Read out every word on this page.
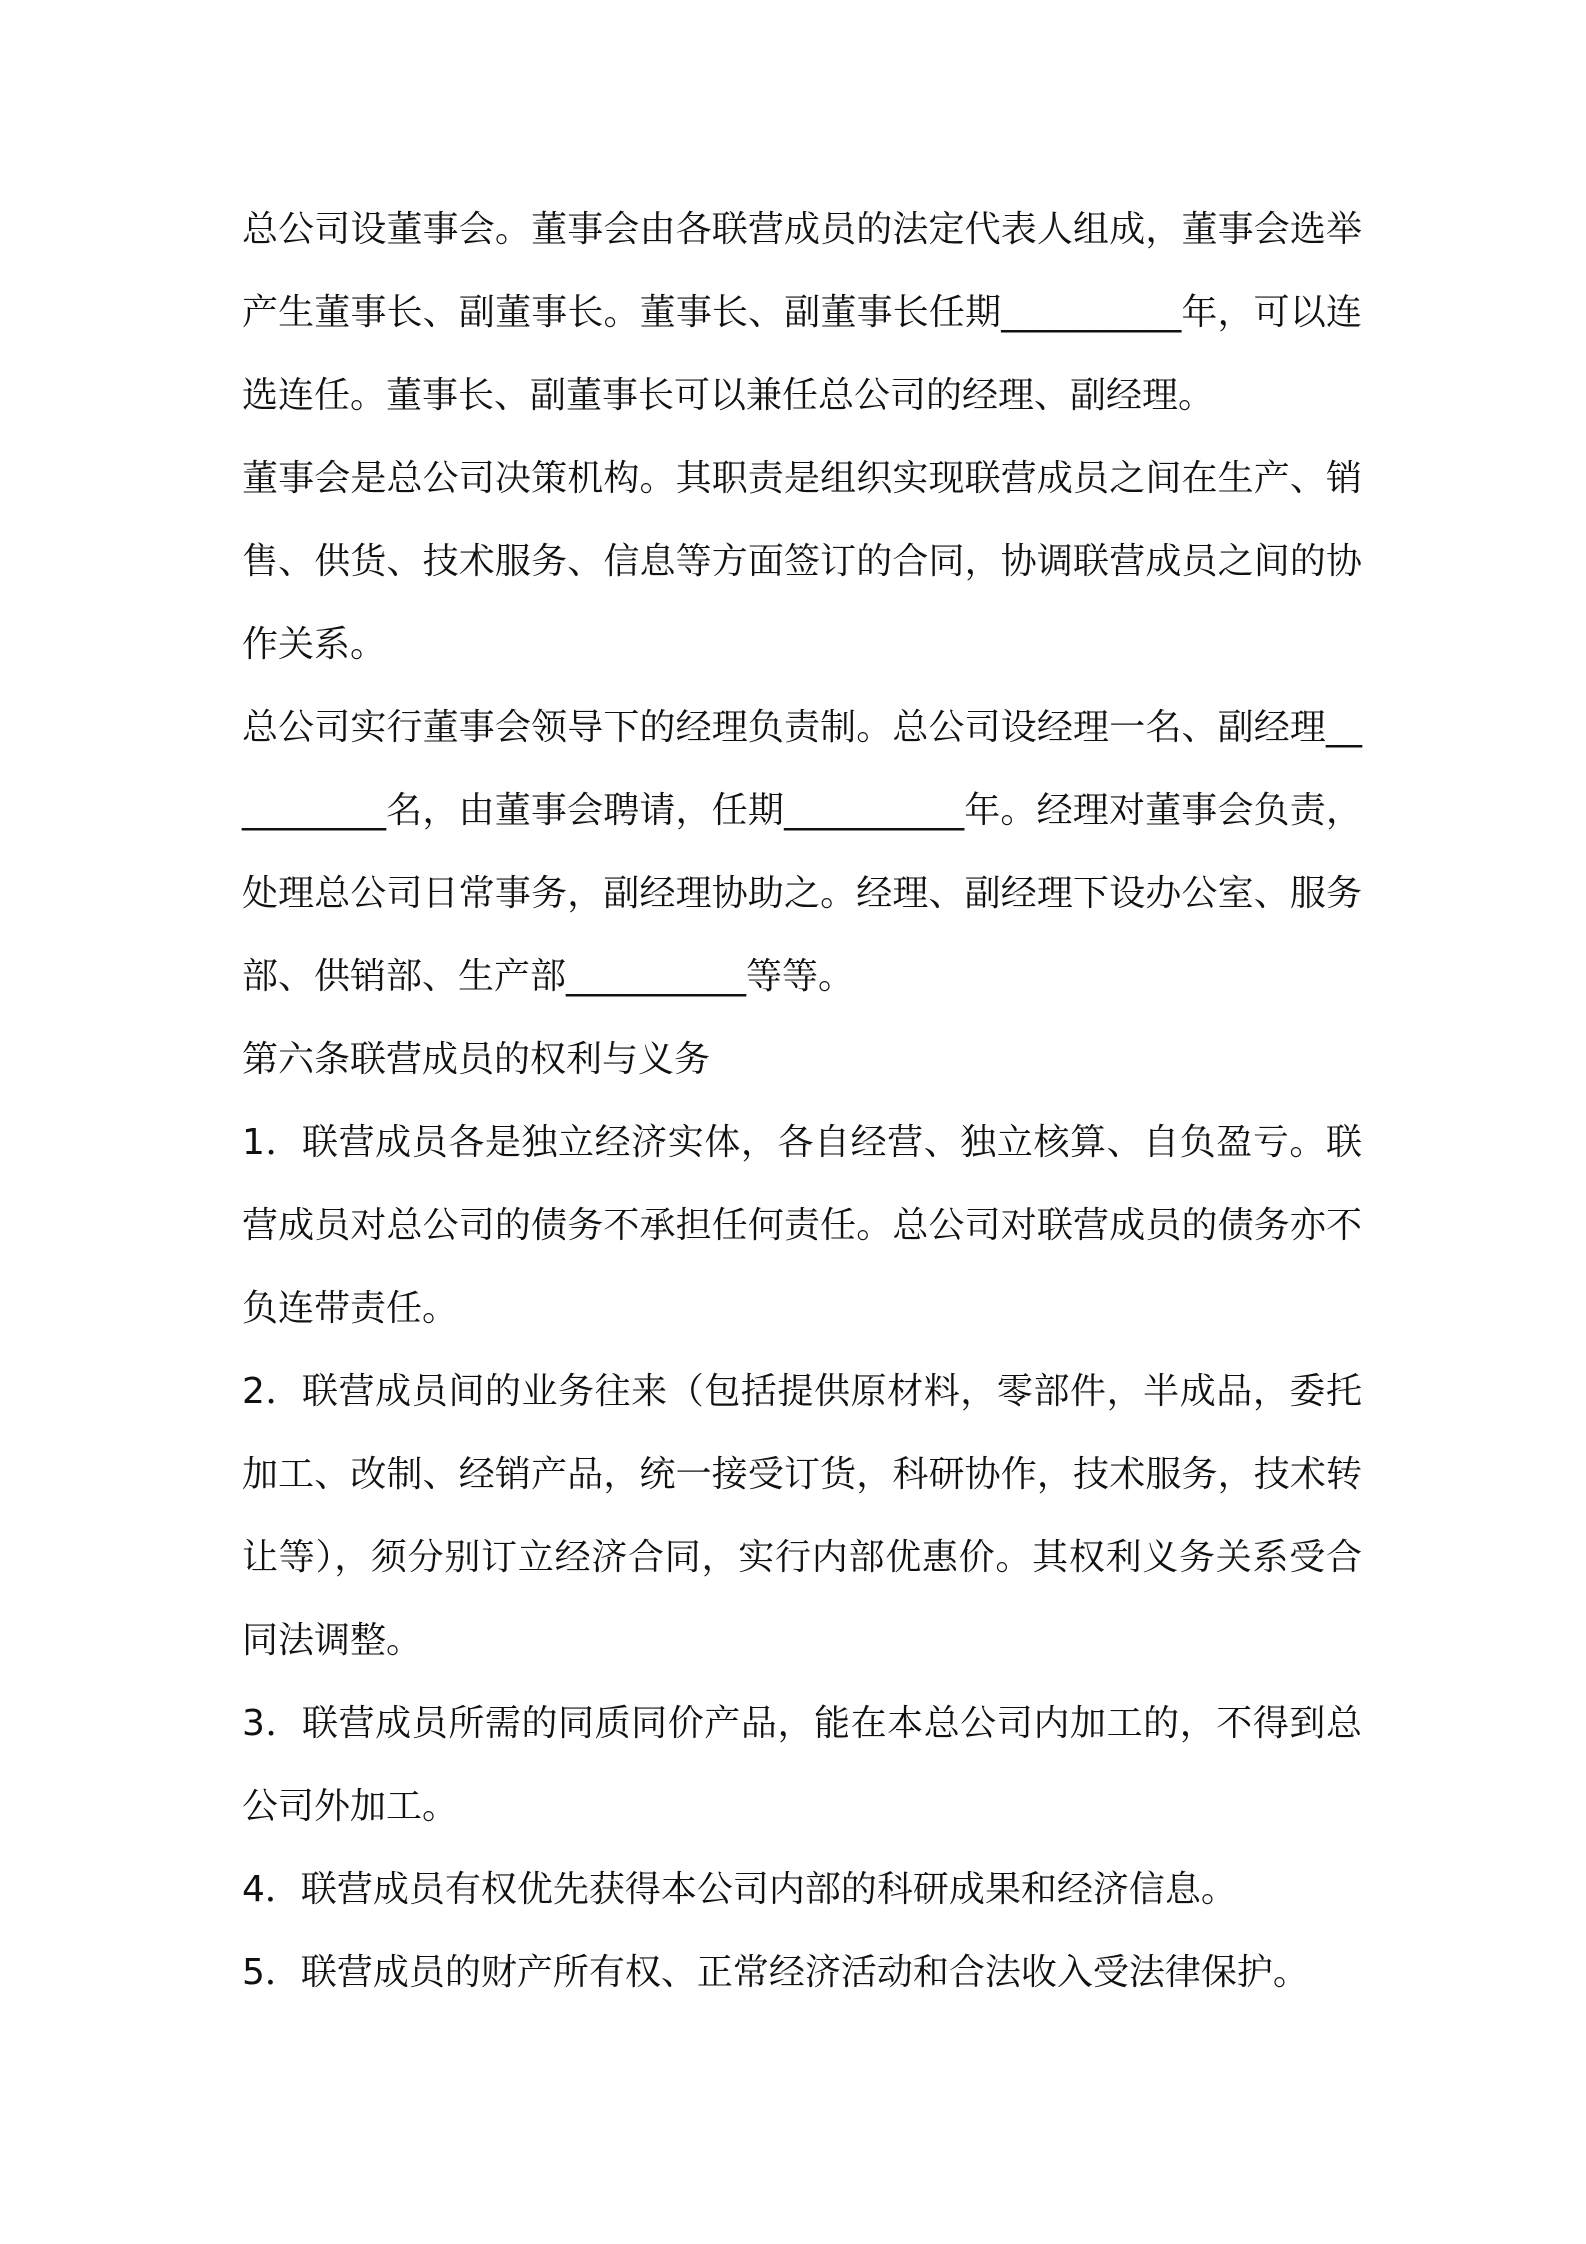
总公司设董事会。董事会由各联营成员的法定代表人组成，董事会选举产生董事长、副董事长。董事长、副董事长任期__________年，可以连选连任。董事长、副董事长可以兼任总公司的经理、副经理。

董事会是总公司决策机构。其职责是组织实现联营成员之间在生产、销售、供货、技术服务、信息等方面签订的合同，协调联营成员之间的协作关系。

总公司实行董事会领导下的经理负责制。总公司设经理一名、副经理__________名，由董事会聘请，任期__________年。经理对董事会负责，处理总公司日常事务，副经理协助之。经理、副经理下设办公室、服务部、供销部、生产部__________等等。

第六条联营成员的权利与义务

1．联营成员各是独立经济实体，各自经营、独立核算、自负盈亏。联营成员对总公司的债务不承担任何责任。总公司对联营成员的债务亦不负连带责任。

2．联营成员间的业务往来（包括提供原材料，零部件，半成品，委托加工、改制、经销产品，统一接受订货，科研协作，技术服务，技术转让等），须分别订立经济合同，实行内部优惠价。其权利义务关系受合同法调整。

3．联营成员所需的同质同价产品，能在本总公司内加工的，不得到总公司外加工。

4．联营成员有权优先获得本公司内部的科研成果和经济信息。

5．联营成员的财产所有权、正常经济活动和合法收入受法律保护。
